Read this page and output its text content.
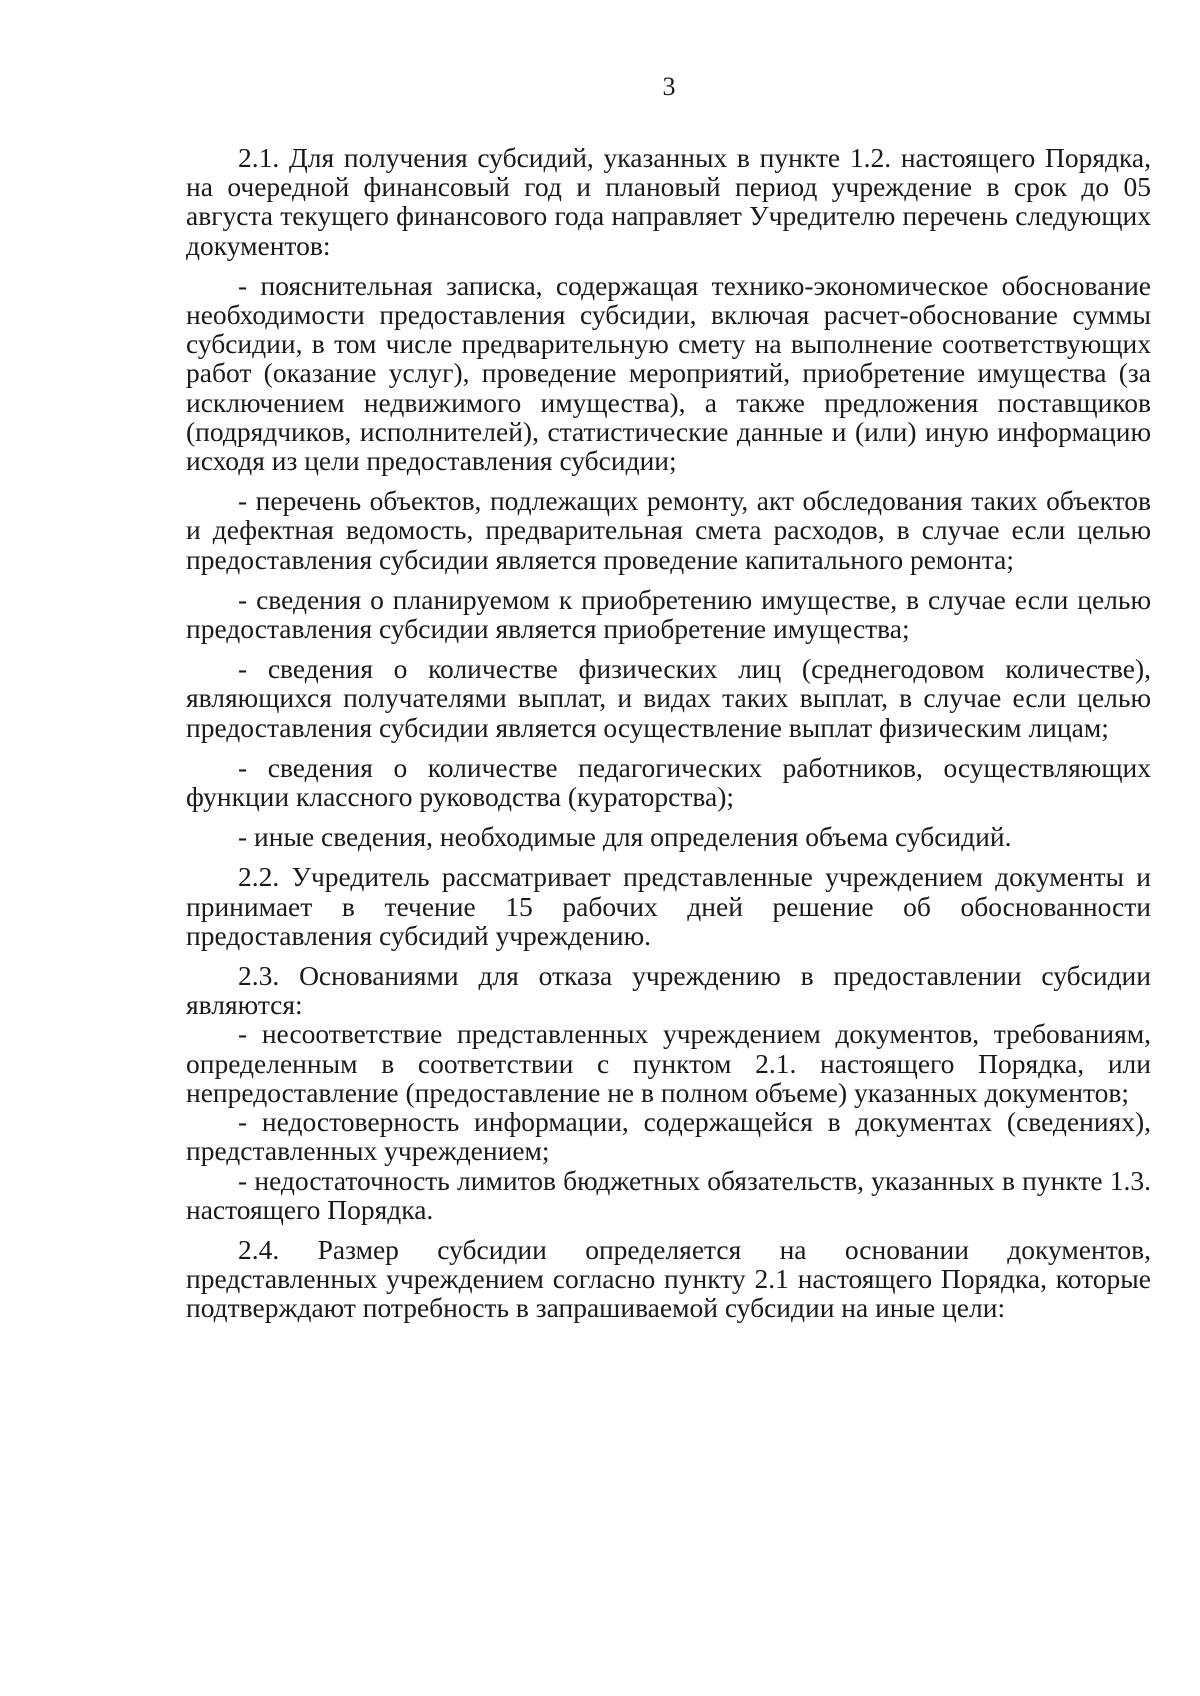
3

2.1. Для получения субсидий, указанных в пункте 1.2. настоящего Порядка, на очередной финансовый год и плановый период учреждение в срок до 05 августа текущего финансового года направляет Учредителю перечень следующих документов:

- пояснительная записка, содержащая технико-экономическое обоснование необходимости предоставления субсидии, включая расчет-обоснование суммы субсидии, в том числе предварительную смету на выполнение соответствующих работ (оказание услуг), проведение мероприятий, приобретение имущества (за исключением недвижимого имущества), а также предложения поставщиков (подрядчиков, исполнителей), статистические данные и (или) иную информацию исходя из цели предоставления субсидии;

- перечень объектов, подлежащих ремонту, акт обследования таких объектов и дефектная ведомость, предварительная смета расходов, в случае если целью предоставления субсидии является проведение капитального ремонта;

- сведения о планируемом к приобретению имуществе, в случае если целью предоставления субсидии является приобретение имущества;

- сведения о количестве физических лиц (среднегодовом количестве), являющихся получателями выплат, и видах таких выплат, в случае если целью предоставления субсидии является осуществление выплат физическим лицам;

- сведения о количестве педагогических работников, осуществляющих функции классного руководства (кураторства);

- иные сведения, необходимые для определения объема субсидий.

2.2. Учредитель рассматривает представленные учреждением документы и принимает в течение 15 рабочих дней решение об обоснованности предоставления субсидий учреждению.

2.3. Основаниями для отказа учреждению в предоставлении субсидии являются:

- несоответствие представленных учреждением документов, требованиям, определенным в соответствии с пунктом 2.1. настоящего Порядка, или непредоставление (предоставление не в полном объеме) указанных документов;

- недостоверность информации, содержащейся в документах (сведениях), представленных учреждением;

- недостаточность лимитов бюджетных обязательств, указанных в пункте 1.3. настоящего Порядка.

2.4. Размер субсидии определяется на основании документов, представленных учреждением согласно пункту 2.1 настоящего Порядка, которые подтверждают потребность в запрашиваемой субсидии на иные цели:
